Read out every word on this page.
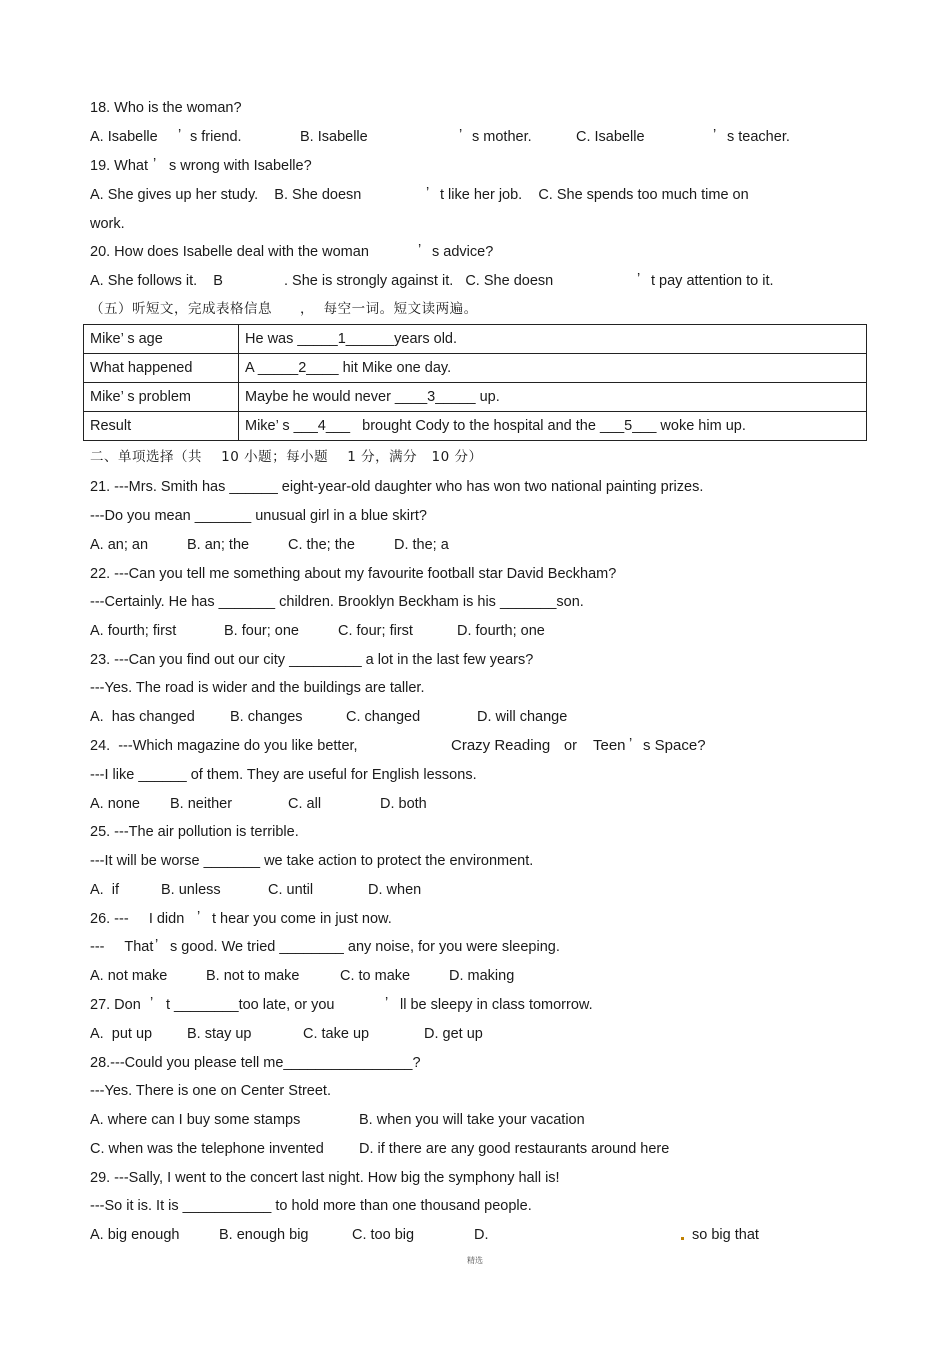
18. Who is the woman?
A. Isabelle ’ s friend.	B. Isabelle	’ s mother.	C. Isabelle	’ s teacher.
19. What ’ s wrong with Isabelle?
A. She gives up her study.    B. She doesn	’ t like her job.    C. She spends too much time on
work.
20. How does Isabelle deal with the woman	’ s advice?
A. She follows it.    B	. She is strongly against it.   C. She doesn	’ t pay attention to it.
（五）听短文，完成表格信息 ，  每空一词。短文读两遍。
Mike’ s age	He was _____1______years old.
What happened	A _____2____ hit Mike one day.
Mike’ s problem	Maybe he would never ____3_____ up.
Result	Mike’ s ___4___   brought Cody to the hospital and the ___5___ woke him up.
二、单项选择（共    10 小题；每小题    1 分，满分   10 分）
21. ---Mrs. Smith has ______ eight-year-old daughter who has won two national painting prizes.
---Do you mean _______ unusual girl in a blue skirt?
A. an; an	B. an; the	C. the; the	D. the; a
22. ---Can you tell me something about my favourite football star David Beckham?
---Certainly. He has _______ children. Brooklyn Beckham is his _______son.
A. fourth; first	B. four; one	C. four; first	D. fourth; one
23. ---Can you find out our city _________ a lot in the last few years?
---Yes. The road is wider and the buildings are taller.
A.  has changed B. changes	C. changed	D. will change
24.  ---Which magazine do you like better,	Crazy Reading or Teen ’ s Space?
---I like ______ of them. They are useful for English lessons.
A. none B. neither	C. all	D. both
25. ---The air pollution is terrible.
---It will be worse _______ we take action to protect the environment.
A.  if	B. unless	C. until	D. when
26. ---     I didn ’ t hear you come in just now.
---     That ’ s good. We tried ________ any noise, for you were sleeping.
A. not make	B. not to make	C. to make	D. making
27. Don ’ t ________too late, or you	’ ll be sleepy in class tomorrow.
A.  put up B. stay up	C. take up	D. get up
28.---Could you please tell me________________?
---Yes. There is one on Center Street.
A. where can I buy some stamps	B. when you will take your vacation
C. when was the telephone invented D. if there are any good restaurants around here
29. ---Sally, I went to the concert last night. How big the symphony hall is!
---So it is. It is ___________ to hold more than one thousand people.
A. big enough	B. enough big	C. too big	D.	so big that
精选
